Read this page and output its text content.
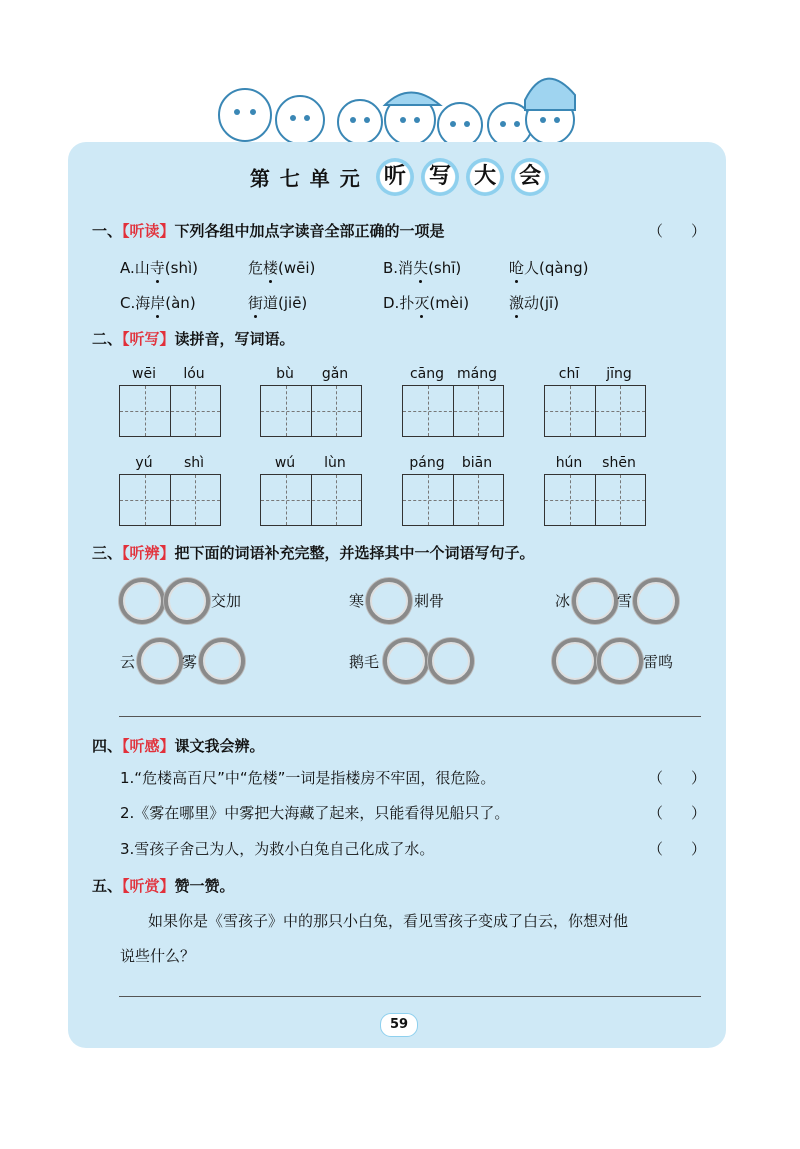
第七单元 听 写 大 会
一、【听读】下列各组中加点字读音全部正确的一项是	（）
A.山寺(shì)	危楼(wēi)	B.消失(shī)	呛人(qàng)
C.海岸(àn)	街道(jiē)	D.扑灭(mèi)	激动(jī)
二、【听写】读拼音，写词语。
wēi	lóu	bù	gǎn	cāng máng	chī	jīng
yú	shì	wú	lùn	páng	biān	hún	shēn
三、【听辨】把下面的词语补充完整，并选择其中一个词语写句子。
交加	寒	刺骨	冰	雪
云	雾	鹅毛	雷鸣
四、【听感】课文我会辨。
1.“危楼高百尺”中“危楼”一词是指楼房不牢固，很危险。	（）
2.《雾在哪里》中雾把大海藏了起来，只能看得见船只了。	（）
3.雪孩子舍己为人，为救小白兔自己化成了水。	（）
五、【听赏】赞一赞。
如果你是《雪孩子》中的那只小白兔，看见雪孩子变成了白云，你想对他
说些什么？
59
